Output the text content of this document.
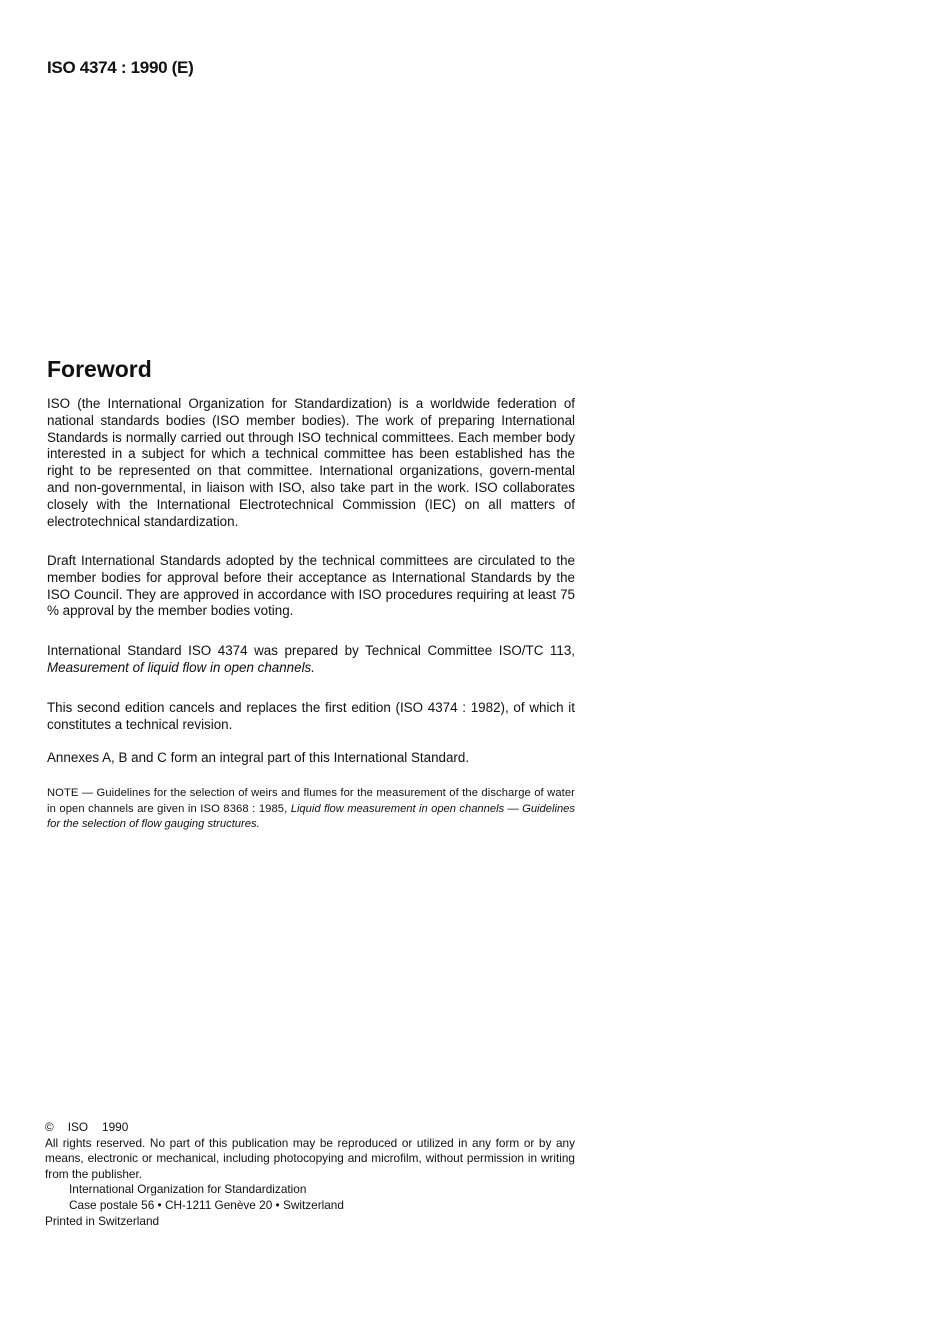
ISO 4374 : 1990 (E)
Foreword

ISO (the International Organization for Standardization) is a worldwide federation of national standards bodies (ISO member bodies). The work of preparing International Standards is normally carried out through ISO technical committees. Each member body interested in a subject for which a technical committee has been established has the right to be represented on that committee. International organizations, govern-mental and non-governmental, in liaison with ISO, also take part in the work. ISO collaborates closely with the International Electrotechnical Commission (IEC) on all matters of electrotechnical standardization.

Draft International Standards adopted by the technical committees are circulated to the member bodies for approval before their acceptance as International Standards by the ISO Council. They are approved in accordance with ISO procedures requiring at least 75 % approval by the member bodies voting.

International Standard ISO 4374 was prepared by Technical Committee ISO/TC 113, Measurement of liquid flow in open channels.

This second edition cancels and replaces the first edition (ISO 4374 : 1982), of which it constitutes a technical revision.

Annexes A, B and C form an integral part of this International Standard.

NOTE — Guidelines for the selection of weirs and flumes for the measurement of the discharge of water in open channels are given in ISO 8368 : 1985, Liquid flow measurement in open channels — Guidelines for the selection of flow gauging structures.

© ISO 1990

All rights reserved. No part of this publication may be reproduced or utilized in any form or by any means, electronic or mechanical, including photocopying and microfilm, without permission in writing from the publisher.

International Organization for Standardization
Case postale 56 • CH-1211 Genève 20 • Switzerland
Printed in Switzerland
